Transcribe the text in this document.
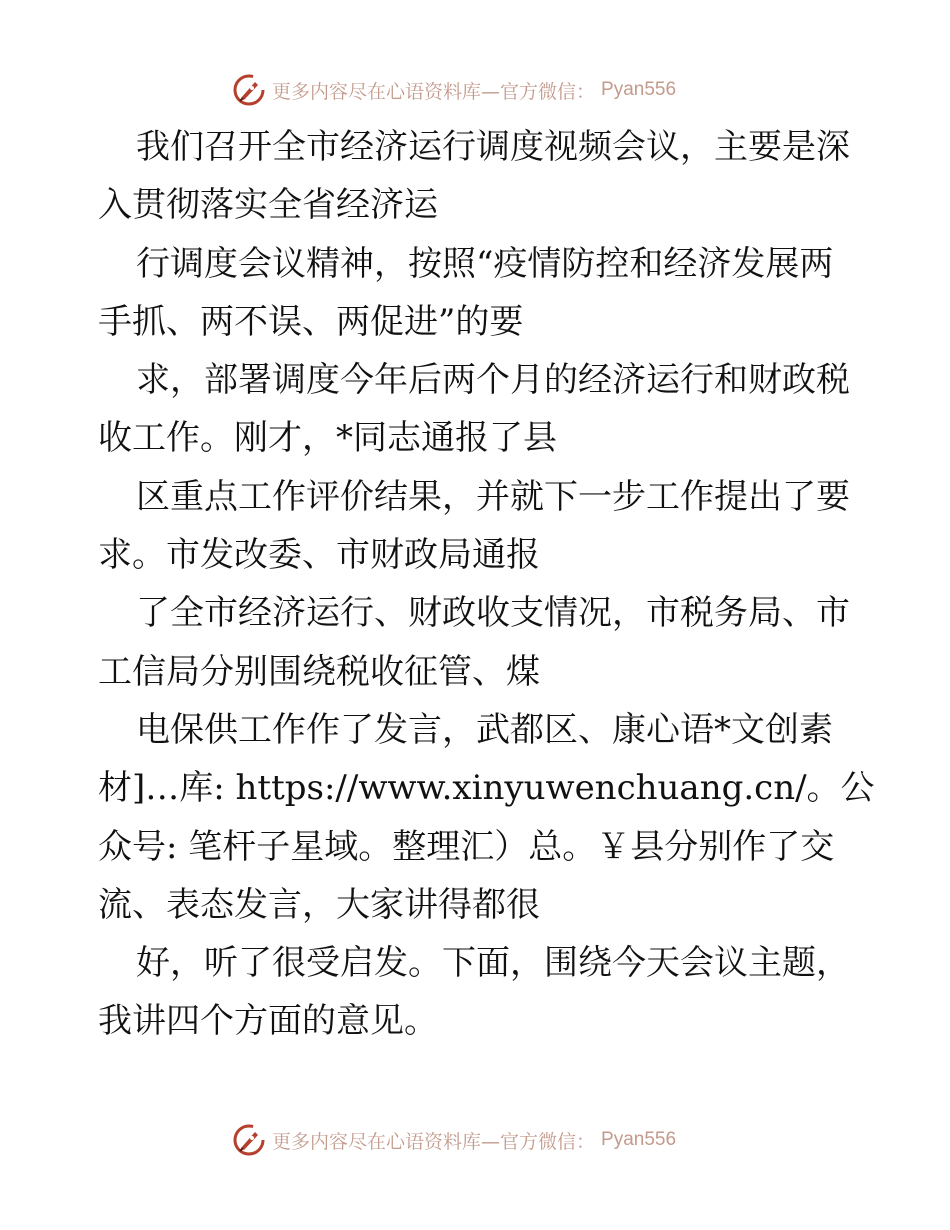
更多内容尽在心语资料库—官方微信： Pyan556
我们召开全市经济运行调度视频会议，主要是深
入贯彻落实全省经济运
行调度会议精神，按照“疫情防控和经济发展两
手抓、两不误、两促进”的要
求，部署调度今年后两个月的经济运行和财政税
收工作。刚才，*同志通报了县
区重点工作评价结果，并就下一步工作提出了要
求。市发改委、市财政局通报
了全市经济运行、财政收支情况，市税务局、市
工信局分别围绕税收征管、煤
电保供工作作了发言，武都区、康心语*文创素
材]…库: https://www.xinyuwenchuang.cn/。公
众号: 笔杆子星域。整理汇）总。￥县分别作了交
流、表态发言，大家讲得都很
好，听了很受启发。下面，围绕今天会议主题，
我讲四个方面的意见。
更多内容尽在心语资料库—官方微信： Pyan556
